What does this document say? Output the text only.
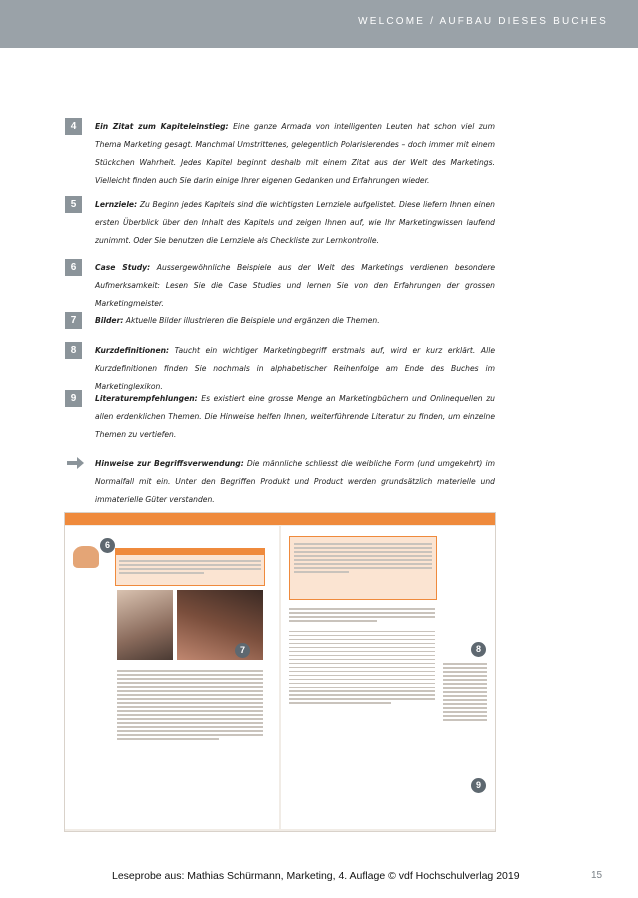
WELCOME / AUFBAU DIESES BUCHES
4	Ein Zitat zum Kapiteleinstieg: Eine ganze Armada von intelligenten Leuten hat schon viel zum Thema Marketing gesagt. Manchmal Umstrittenes, gelegentlich Polarisierendes – doch immer mit einem Stückchen Wahrheit. Jedes Kapitel beginnt deshalb mit einem Zitat aus der Welt des Marketings. Vielleicht finden auch Sie darin einige Ihrer eigenen Gedanken und Erfahrungen wieder.
5	Lernziele: Zu Beginn jedes Kapitels sind die wichtigsten Lernziele aufgelistet. Diese liefern Ihnen einen ersten Überblick über den Inhalt des Kapitels und zeigen Ihnen auf, wie Ihr Marketingwissen laufend zunimmt. Oder Sie benutzen die Lernziele als Checkliste zur Lernkontrolle.
6	Case Study: Aussergewöhnliche Beispiele aus der Welt des Marketings verdienen besondere Aufmerksamkeit: Lesen Sie die Case Studies und lernen Sie von den Erfahrungen der grossen Marketingmeister.
7	Bilder: Aktuelle Bilder illustrieren die Beispiele und ergänzen die Themen.
8	Kurzdefinitionen: Taucht ein wichtiger Marketingbegriff erstmals auf, wird er kurz erklärt. Alle Kurzdefinitionen finden Sie nochmals in alphabetischer Reihenfolge am Ende des Buches im Marketinglexikon.
9	Literaturempfehlungen: Es existiert eine grosse Menge an Marketingbüchern und Onlinequellen zu allen erdenklichen Themen. Die Hinweise helfen Ihnen, weiterführende Literatur zu finden, um einzelne Themen zu vertiefen.
Hinweise zur Begriffsverwendung: Die männliche schliesst die weibliche Form (und umgekehrt) im Normalfall mit ein. Unter den Begriffen Produkt und Product werden grundsätzlich materielle und immaterielle Güter verstanden.
6
7	8
9
Leseprobe aus: Mathias Schürmann, Marketing, 4. Auflage © vdf Hochschulverlag 2019	15
